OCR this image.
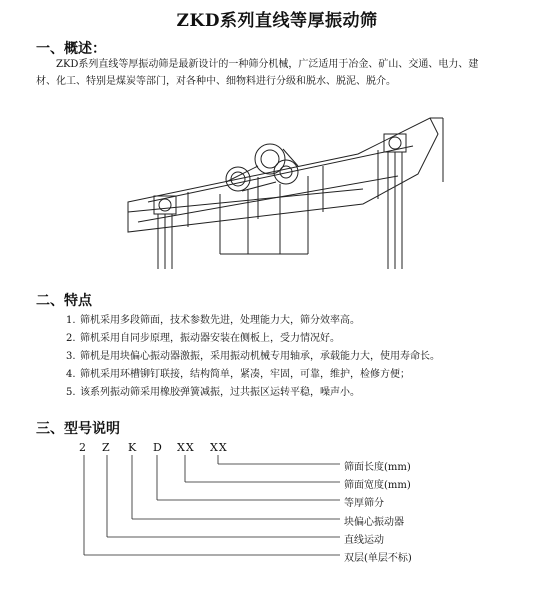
ZKD系列直线等厚振动筛
一、概述：
ZKD系列直线等厚振动筛是最新设计的一种筛分机械，广泛适用于冶金、矿山、交通、电力、建
材、化工、特别是煤炭等部门，对各种中、细物料进行分级和脱水、脱泥、脱介。
二、特点
1. 筛机采用多段筛面，技术参数先进，处理能力大，筛分效率高。
2. 筛机采用自同步原理，振动器安装在侧板上，受力情况好。
3. 筛机是用块偏心振动器激振，采用振动机械专用轴承，承载能力大，使用寿命长。
4. 筛机采用环槽铆钉联接，结构简单，紧凑，牢固，可靠，维护，检修方便；
5. 该系列振动筛采用橡胶弹簧减振，过共振区运转平稳，噪声小。
三、型号说明
2 Z K D XX XX
筛面长度(mm)
筛面宽度(mm)
等厚筛分
块偏心振动器
直线运动
双层(单层不标)
